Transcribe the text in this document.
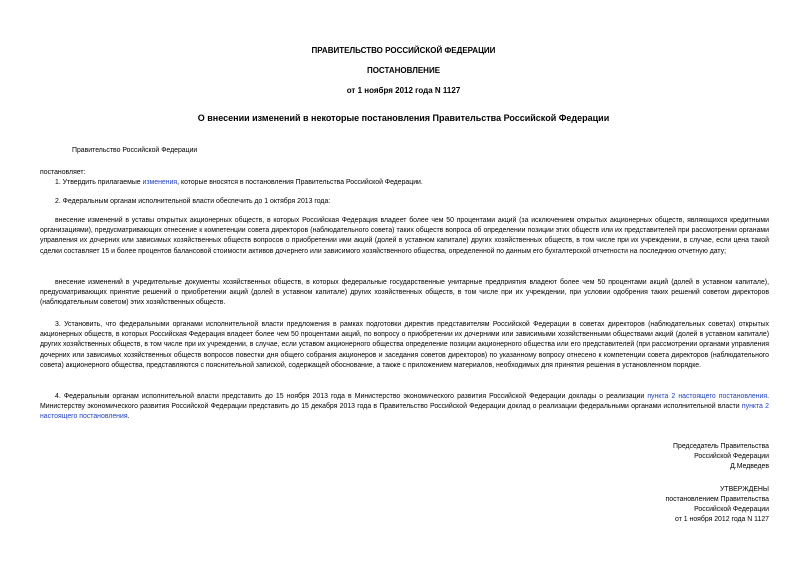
ПРАВИТЕЛЬСТВО РОССИЙСКОЙ ФЕДЕРАЦИИ
ПОСТАНОВЛЕНИЕ
от 1 ноября 2012 года N 1127
О внесении изменений в некоторые постановления Правительства Российской Федерации
Правительство Российской Федерации
постановляет:
1. Утвердить прилагаемые изменения, которые вносятся в постановления Правительства Российской Федерации.
2. Федеральным органам исполнительной власти обеспечить до 1 октября 2013 года:
внесение изменений в уставы открытых акционерных обществ, в которых Российская Федерация владеет более чем 50 процентами акций (за исключением открытых акционерных обществ, являющихся кредитными организациями), предусматривающих отнесение к компетенции совета директоров (наблюдательного совета) таких обществ вопроса об определении позиции этих обществ или их представителей при рассмотрении органами управления их дочерних или зависимых хозяйственных обществ вопросов о приобретении ими акций (долей в уставном капитале) других хозяйственных обществ, в том числе при их учреждении, в случае, если цена такой сделки составляет 15 и более процентов балансовой стоимости активов дочернего или зависимого хозяйственного общества, определенной по данным его бухгалтерской отчетности на последнюю отчетную дату;
внесение изменений в учредительные документы хозяйственных обществ, в которых федеральные государственные унитарные предприятия владеют более чем 50 процентами акций (долей в уставном капитале), предусматривающих принятие решений о приобретении акций (долей в уставном капитале) других хозяйственных обществ, в том числе при их учреждении, при условии одобрения таких решений советом директоров (наблюдательным советом) этих хозяйственных обществ.
3. Установить, что федеральными органами исполнительной власти предложения в рамках подготовки директив представителям Российской Федерации в советах директоров (наблюдательных советах) открытых акционерных обществ, в которых Российская Федерация владеет более чем 50 процентами акций, по вопросу о приобретении их дочерними или зависимыми хозяйственными обществами акций (долей в уставном капитале) других хозяйственных обществ, в том числе при их учреждении, в случае, если уставом акционерного общества определение позиции акционерного общества или его представителей (при рассмотрении органами управления дочерних или зависимых хозяйственных обществ вопросов повестки дня общего собрания акционеров и заседания советов директоров) по указанному вопросу отнесено к компетенции совета директоров (наблюдательного совета) акционерного общества, представляются с пояснительной запиской, содержащей обоснование, а также с приложением материалов, необходимых для принятия решения в установленном порядке.
4. Федеральным органам исполнительной власти представить до 15 ноября 2013 года в Министерство экономического развития Российской Федерации доклады о реализации пункта 2 настоящего постановления. Министерству экономического развития Российской Федерации представить до 15 декабря 2013 года в Правительство Российской Федерации доклад о реализации федеральными органами исполнительной власти пункта 2 настоящего постановления.
Председатель Правительства
Российской Федерации
Д.Медведев
УТВЕРЖДЕНЫ
постановлением Правительства
Российской Федерации
от 1 ноября 2012 года N 1127
